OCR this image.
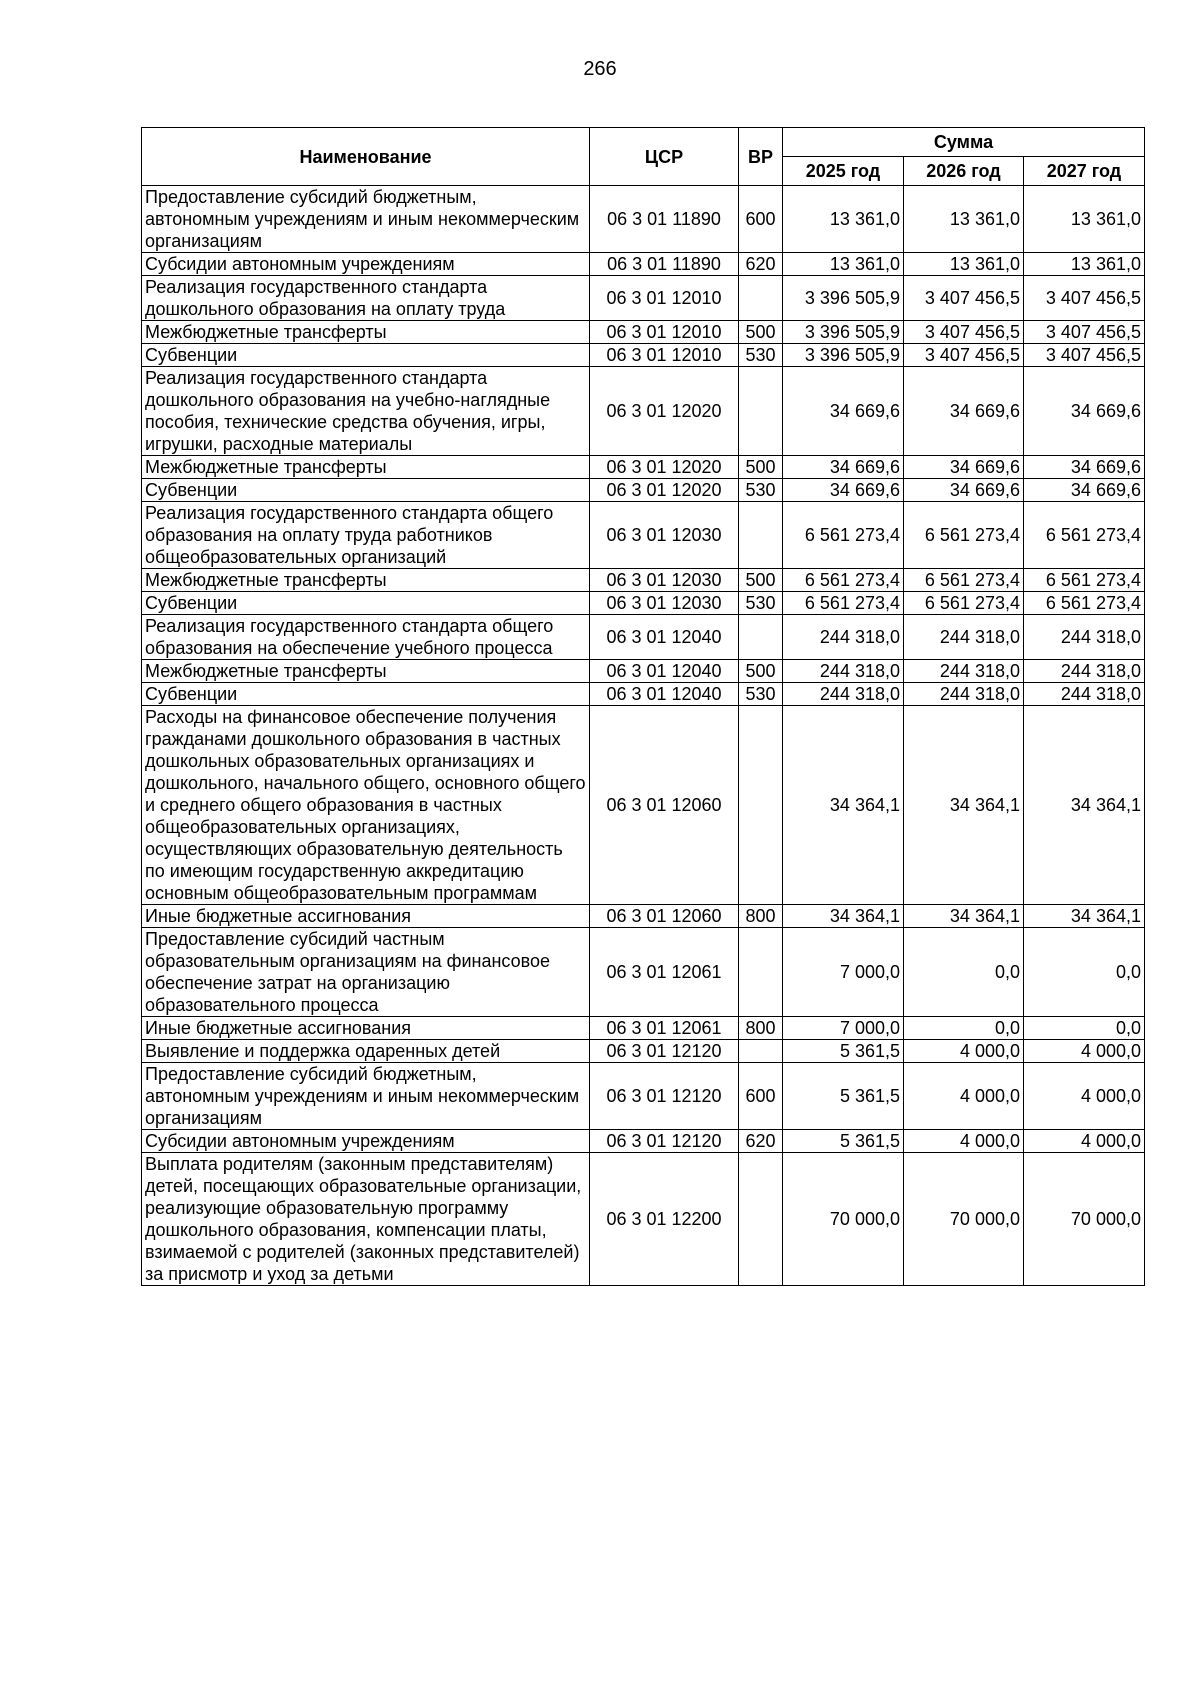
266
Наименование	ЦСР	ВР	Сумма		
			2025 год	2026 год	2027 год
Предоставление субсидий бюджетным, автономным учреждениям и иным некоммерческим организациям	06 3 01 11890	600	13 361,0	13 361,0	13 361,0
Субсидии автономным учреждениям	06 3 01 11890	620	13 361,0	13 361,0	13 361,0
Реализация государственного стандарта дошкольного образования на оплату труда	06 3 01 12010		3 396 505,9	3 407 456,5	3 407 456,5
Межбюджетные трансферты	06 3 01 12010	500	3 396 505,9	3 407 456,5	3 407 456,5
Субвенции	06 3 01 12010	530	3 396 505,9	3 407 456,5	3 407 456,5
Реализация государственного стандарта дошкольного образования на учебно-наглядные пособия, технические средства обучения, игры, игрушки, расходные материалы	06 3 01 12020		34 669,6	34 669,6	34 669,6
Межбюджетные трансферты	06 3 01 12020	500	34 669,6	34 669,6	34 669,6
Субвенции	06 3 01 12020	530	34 669,6	34 669,6	34 669,6
Реализация государственного стандарта общего образования на оплату труда работников общеобразовательных организаций	06 3 01 12030		6 561 273,4	6 561 273,4	6 561 273,4
Межбюджетные трансферты	06 3 01 12030	500	6 561 273,4	6 561 273,4	6 561 273,4
Субвенции	06 3 01 12030	530	6 561 273,4	6 561 273,4	6 561 273,4
Реализация государственного стандарта общего образования на обеспечение учебного процесса	06 3 01 12040		244 318,0	244 318,0	244 318,0
Межбюджетные трансферты	06 3 01 12040	500	244 318,0	244 318,0	244 318,0
Субвенции	06 3 01 12040	530	244 318,0	244 318,0	244 318,0
Расходы на финансовое обеспечение получения гражданами дошкольного образования в частных дошкольных образовательных организациях и дошкольного, начального общего, основного общего и среднего общего образования в частных общеобразовательных организациях, осуществляющих образовательную деятельность по имеющим государственную аккредитацию основным общеобразовательным программам	06 3 01 12060		34 364,1	34 364,1	34 364,1
Иные бюджетные ассигнования	06 3 01 12060	800	34 364,1	34 364,1	34 364,1
Предоставление субсидий частным образовательным организациям на финансовое обеспечение затрат на организацию образовательного процесса	06 3 01 12061		7 000,0	0,0	0,0
Иные бюджетные ассигнования	06 3 01 12061	800	7 000,0	0,0	0,0
Выявление и поддержка одаренных детей	06 3 01 12120		5 361,5	4 000,0	4 000,0
Предоставление субсидий бюджетным, автономным учреждениям и иным некоммерческим организациям	06 3 01 12120	600	5 361,5	4 000,0	4 000,0
Субсидии автономным учреждениям	06 3 01 12120	620	5 361,5	4 000,0	4 000,0
Выплата родителям (законным представителям) детей, посещающих образовательные организации, реализующие образовательную программу дошкольного образования, компенсации платы, взимаемой с родителей (законных представителей) за присмотр и уход за детьми	06 3 01 12200		70 000,0	70 000,0	70 000,0
